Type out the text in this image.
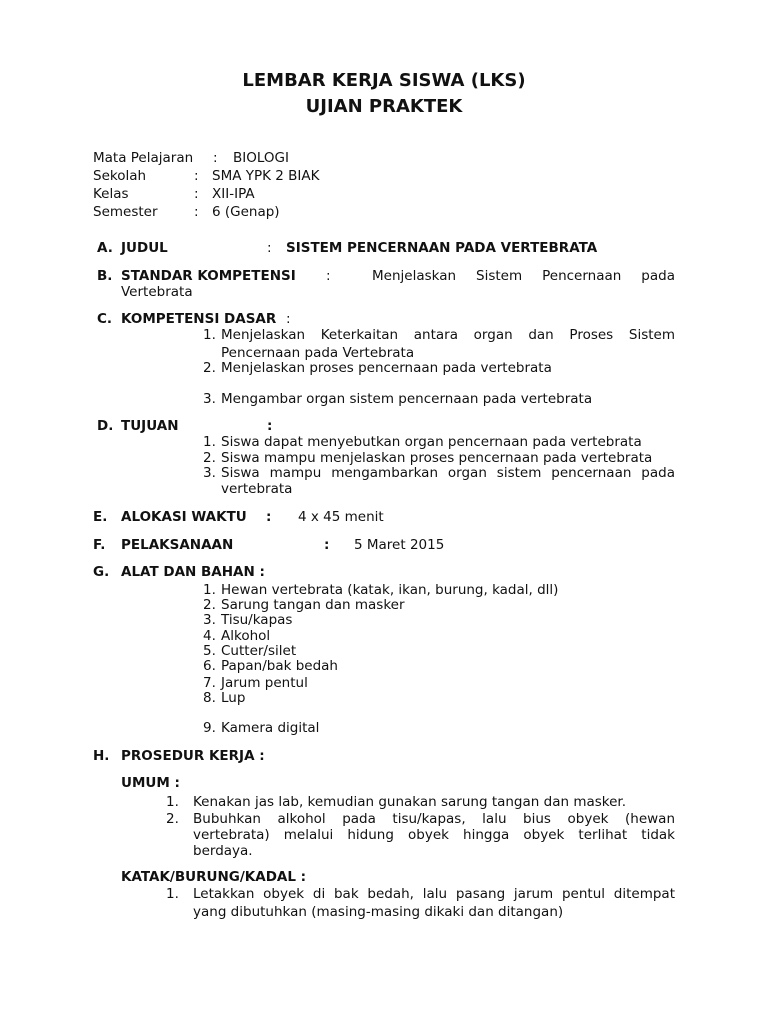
LEMBAR KERJA SISWA (LKS)
UJIAN PRAKTEK
Mata Pelajaran : BIOLOGI
Sekolah	: SMA YPK 2 BIAK
Kelas	: XII-IPA
Semester	: 6 (Genap)
A. JUDUL	: SISTEM PENCERNAAN PADA VERTEBRATA
B. STANDAR KOMPETENSI :	Menjelaskan Sistem Pencernaan pada
Vertebrata
C. KOMPETENSI DASAR :
1. Menjelaskan Keterkaitan antara organ dan Proses Sistem
Pencernaan pada Vertebrata
2. Menjelaskan proses pencernaan pada vertebrata
3. Mengambar organ sistem pencernaan pada vertebrata
D. TUJUAN	:
1. Siswa dapat menyebutkan organ pencernaan pada vertebrata
2. Siswa mampu menjelaskan proses pencernaan pada vertebrata
3. Siswa mampu mengambarkan organ sistem pencernaan pada
vertebrata
E. ALOKASI WAKTU : 4 x 45 menit
F. PELAKSANAAN	: 5 Maret 2015
G. ALAT DAN BAHAN :
1. Hewan vertebrata (katak, ikan, burung, kadal, dll)
2. Sarung tangan dan masker
3. Tisu/kapas
4. Alkohol
5. Cutter/silet
6. Papan/bak bedah
7. Jarum pentul
8. Lup
9. Kamera digital
H. PROSEDUR KERJA :
UMUM :
1. Kenakan jas lab, kemudian gunakan sarung tangan dan masker.
2. Bubuhkan alkohol pada tisu/kapas, lalu bius obyek (hewan
vertebrata) melalui hidung obyek hingga obyek terlihat tidak
berdaya.
KATAK/BURUNG/KADAL :
1. Letakkan obyek di bak bedah, lalu pasang jarum pentul ditempat
yang dibutuhkan (masing-masing dikaki dan ditangan)
